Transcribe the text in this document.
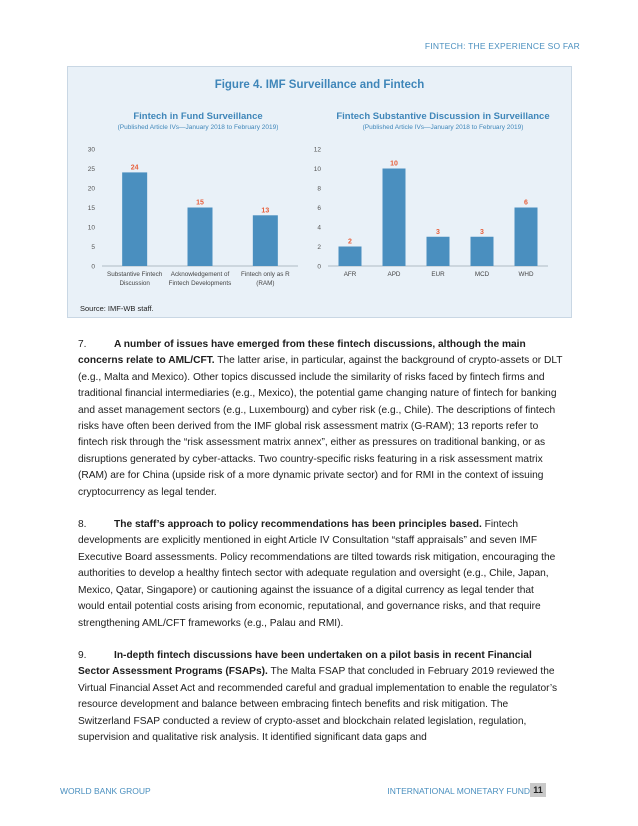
FINTECH: THE EXPERIENCE SO FAR
Figure 4. IMF Surveillance and Fintech
Fintech in Fund Surveillance
(Published Article IVs—January 2018 to February 2019)
Fintech Substantive Discussion in Surveillance
(Published Article IVs—January 2018 to February 2019)
0
5
10
15
20
25
30
24
Substantive Fintech
Discussion
15
Acknowledgement of
Fintech Developments
13
Fintech only as R
(RAM)
0
2
4
6
8
10
12
2
AFR
10
APD
3
EUR
3
MCD
6
WHD
Source: IMF-WB staff.

7.	A number of issues have emerged from these fintech discussions, although the main concerns relate to AML/CFT. The latter arise, in particular, against the background of crypto-assets or DLT (e.g., Malta and Mexico). Other topics discussed include the similarity of risks faced by fintech firms and traditional financial intermediaries (e.g., Mexico), the potential game changing nature of fintech for banking and asset management sectors (e.g., Luxembourg) and cyber risk (e.g., Chile). The descriptions of fintech risks have often been derived from the IMF global risk assessment matrix (G-RAM); 13 reports refer to fintech risk through the “risk assessment matrix annex”, either as pressures on traditional banking, or as disruptions generated by cyber-attacks. Two country-specific risks featuring in a risk assessment matrix (RAM) are for China (upside risk of a more dynamic private sector) and for RMI in the context of issuing cryptocurrency as legal tender.

8.	The staff’s approach to policy recommendations has been principles based. Fintech developments are explicitly mentioned in eight Article IV Consultation “staff appraisals” and seven IMF Executive Board assessments. Policy recommendations are tilted towards risk mitigation, encouraging the authorities to develop a healthy fintech sector with adequate regulation and oversight (e.g., Chile, Japan, Mexico, Qatar, Singapore) or cautioning against the issuance of a digital currency as legal tender that would entail potential costs arising from economic, reputational, and governance risks, and that require strengthening AML/CFT frameworks (e.g., Palau and RMI).

9.	In-depth fintech discussions have been undertaken on a pilot basis in recent Financial Sector Assessment Programs (FSAPs). The Malta FSAP that concluded in February 2019 reviewed the Virtual Financial Asset Act and recommended careful and gradual implementation to enable the regulator’s resource development and balance between embracing fintech benefits and risk mitigation. The Switzerland FSAP conducted a review of crypto-asset and blockchain related legislation, regulation, supervision and qualitative risk analysis. It identified significant data gaps and

WORLD BANK GROUP	INTERNATIONAL MONETARY FUND 11
